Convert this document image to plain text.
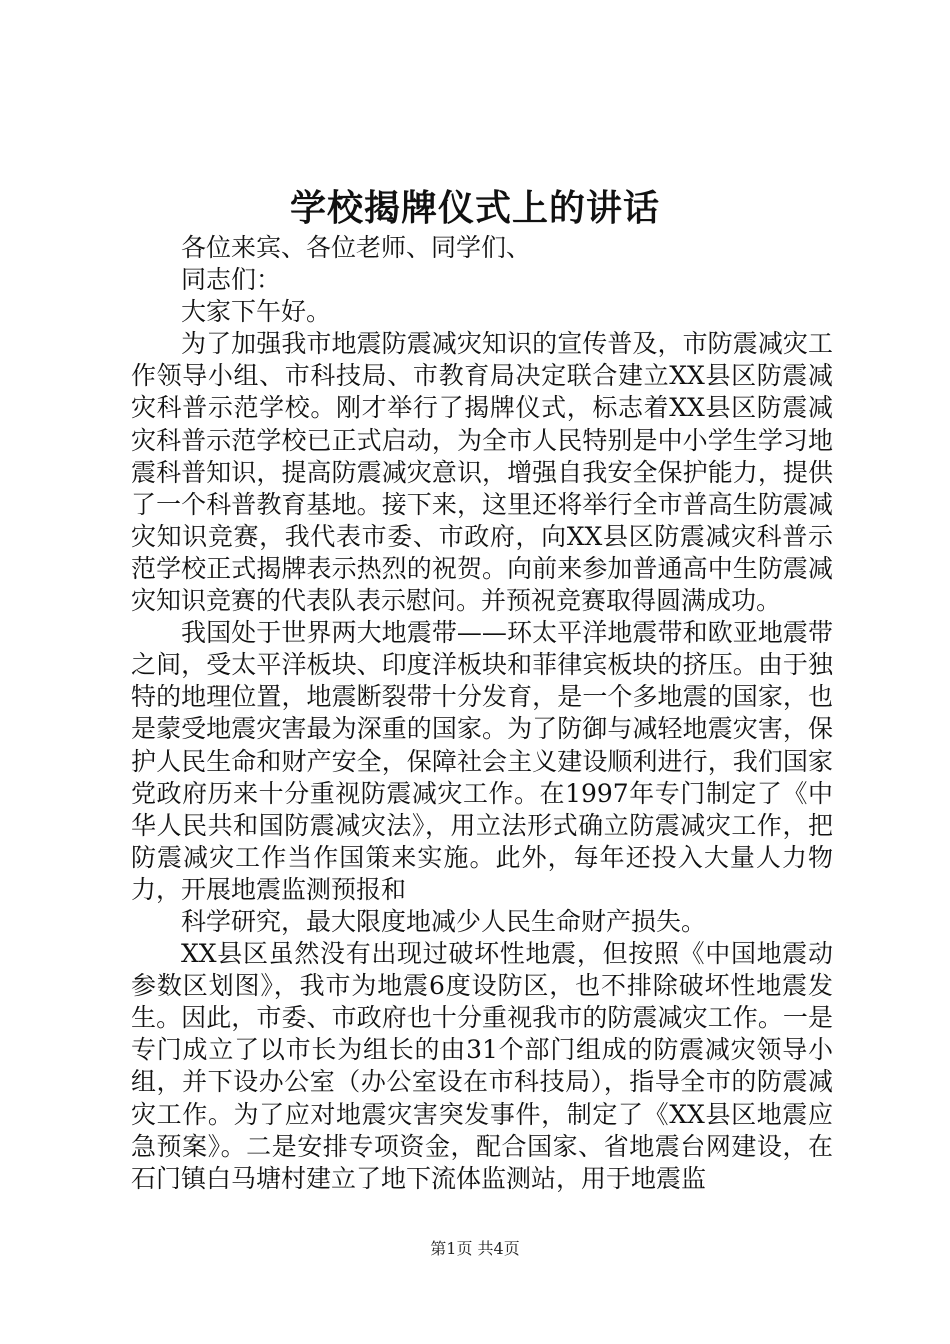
学校揭牌仪式上的讲话

各位来宾、各位老师、同学们、

同志们：

大家下午好。

为了加强我市地震防震减灾知识的宣传普及，市防震减灾工作领导小组、市科技局、市教育局决定联合建立XX县区防震减灾科普示范学校。刚才举行了揭牌仪式，标志着XX县区防震减灾科普示范学校已正式启动，为全市人民特别是中小学生学习地震科普知识，提高防震减灾意识，增强自我安全保护能力，提供了一个科普教育基地。接下来，这里还将举行全市普高生防震减灾知识竞赛，我代表市委、市政府，向XX县区防震减灾科普示范学校正式揭牌表示热烈的祝贺。向前来参加普通高中生防震减灾知识竞赛的代表队表示慰问。并预祝竞赛取得圆满成功。

我国处于世界两大地震带——环太平洋地震带和欧亚地震带之间，受太平洋板块、印度洋板块和菲律宾板块的挤压。由于独特的地理位置，地震断裂带十分发育，是一个多地震的国家，也是蒙受地震灾害最为深重的国家。为了防御与减轻地震灾害，保护人民生命和财产安全，保障社会主义建设顺利进行，我们国家党政府历来十分重视防震减灾工作。在1997年专门制定了《中华人民共和国防震减灾法》，用立法形式确立防震减灾工作，把防震减灾工作当作国策来实施。此外，每年还投入大量人力物力，开展地震监测预报和

科学研究，最大限度地减少人民生命财产损失。

XX县区虽然没有出现过破坏性地震，但按照《中国地震动参数区划图》，我市为地震6度设防区，也不排除破坏性地震发生。因此，市委、市政府也十分重视我市的防震减灾工作。一是专门成立了以市长为组长的由31个部门组成的防震减灾领导小组，并下设办公室（办公室设在市科技局），指导全市的防震减灾工作。为了应对地震灾害突发事件，制定了《XX县区地震应急预案》。二是安排专项资金，配合国家、省地震台网建设，在石门镇白马塘村建立了地下流体监测站，用于地震监

第1页 共4页
